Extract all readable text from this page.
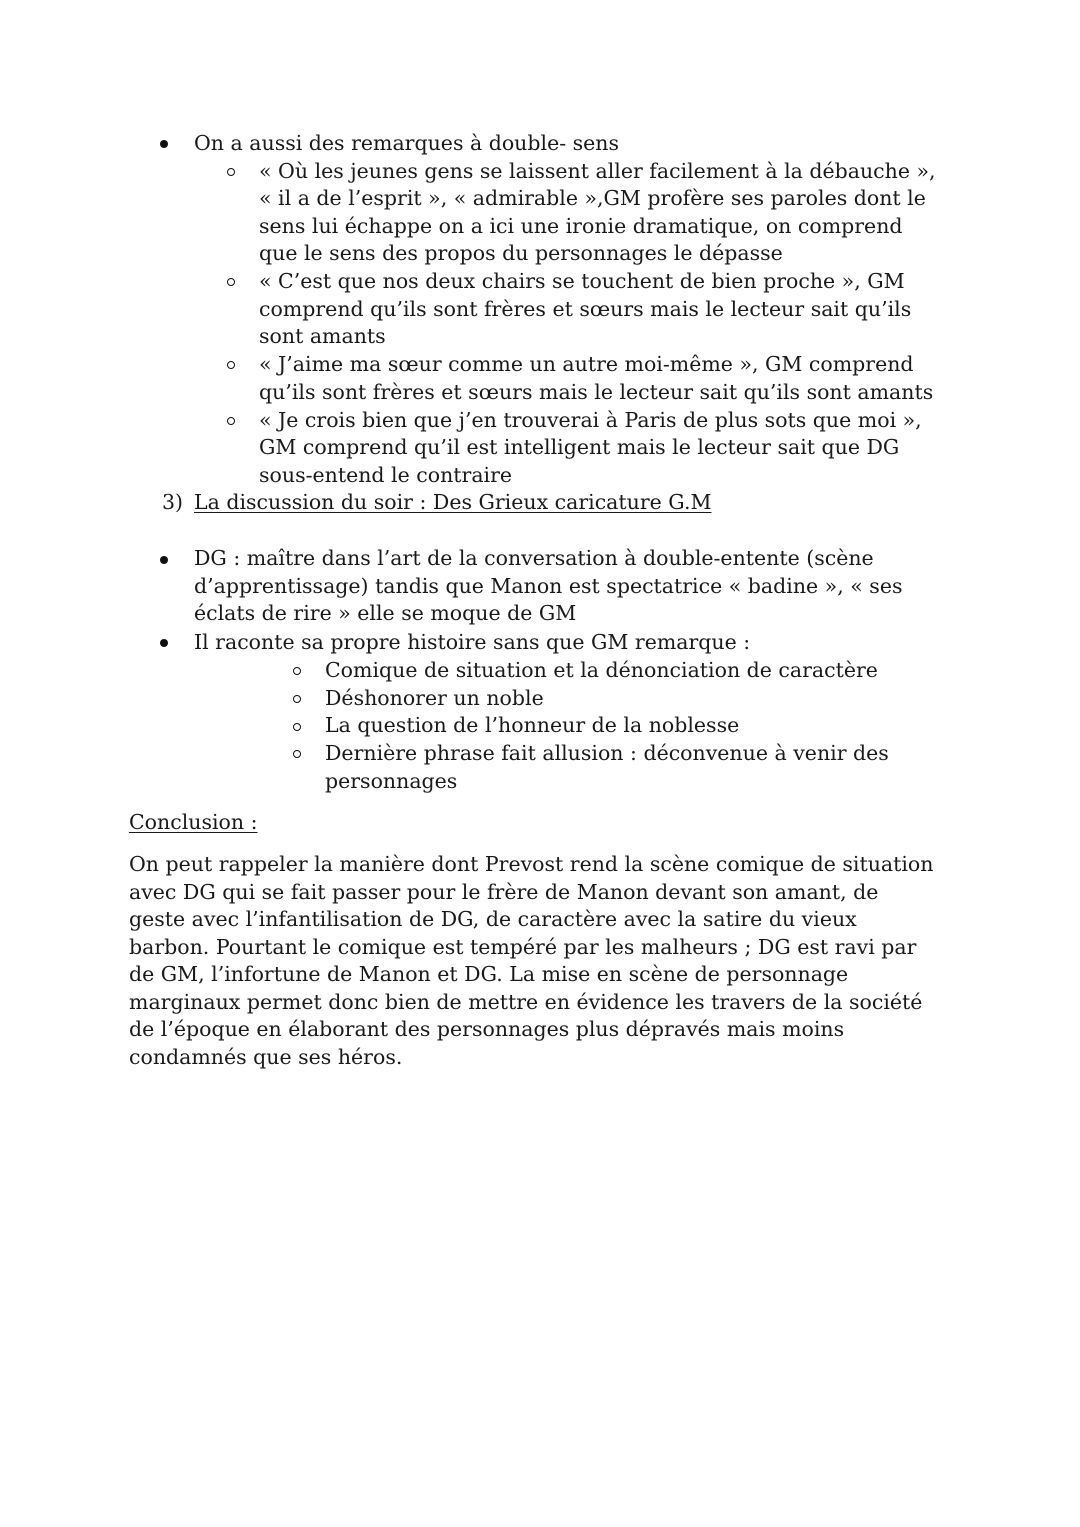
On a aussi des remarques à double- sens
« Où les jeunes gens se laissent aller facilement à la débauche »,
« il a de l’esprit », « admirable »,GM profère ses paroles dont le
sens lui échappe on a ici une ironie dramatique, on comprend
que le sens des propos du personnages le dépasse
« C’est que nos deux chairs se touchent de bien proche », GM
comprend qu’ils sont frères et sœurs mais le lecteur sait qu’ils
sont amants
« J’aime ma sœur comme un autre moi-même », GM comprend
qu’ils sont frères et sœurs mais le lecteur sait qu’ils sont amants
« Je crois bien que j’en trouverai à Paris de plus sots que moi »,
GM comprend qu’il est intelligent mais le lecteur sait que DG
sous-entend le contraire
3) La discussion du soir : Des Grieux caricature G.M
DG : maître dans l’art de la conversation à double-entente (scène
d’apprentissage) tandis que Manon est spectatrice « badine », « ses
éclats de rire » elle se moque de GM
Il raconte sa propre histoire sans que GM remarque :
Comique de situation et la dénonciation de caractère
Déshonorer un noble
La question de l’honneur de la noblesse
Dernière phrase fait allusion : déconvenue à venir des
personnages
Conclusion :
On peut rappeler la manière dont Prevost rend la scène comique de situation
avec DG qui se fait passer pour le frère de Manon devant son amant, de
geste avec l’infantilisation de DG, de caractère avec la satire du vieux
barbon. Pourtant le comique est tempéré par les malheurs ; DG est ravi par
de GM, l’infortune de Manon et DG. La mise en scène de personnage
marginaux permet donc bien de mettre en évidence les travers de la société
de l’époque en élaborant des personnages plus dépravés mais moins
condamnés que ses héros.
